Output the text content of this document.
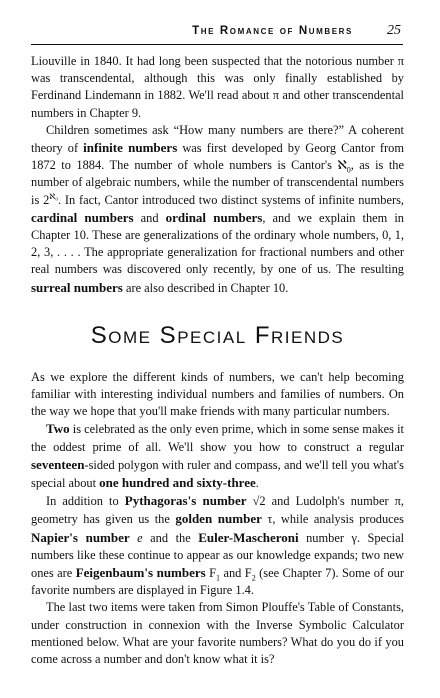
The Romance of Numbers 25

Liouville in 1840. It had long been suspected that the notorious number π was transcendental, although this was only finally established by Ferdinand Lindemann in 1882. We'll read about π and other transcendental numbers in Chapter 9.

Children sometimes ask “How many numbers are there?” A coherent theory of infinite numbers was first developed by Georg Cantor from 1872 to 1884. The number of whole numbers is Cantor's ℵ$_0$, as is the number of algebraic numbers, while the number of transcendental numbers is $2^{ℵ_0}$. In fact, Cantor introduced two distinct systems of infinite numbers, cardinal numbers and ordinal numbers, and we explain them in Chapter 10. These are generalizations of the ordinary whole numbers, 0, 1, 2, 3, . . . . The appropriate generalization for fractional numbers and other real numbers was discovered only recently, by one of us. The resulting surreal numbers are also described in Chapter 10.

Some Special Friends

As we explore the different kinds of numbers, we can't help becoming familiar with interesting individual numbers and families of numbers. On the way we hope that you'll make friends with many particular numbers.

Two is celebrated as the only even prime, which in some sense makes it the oddest prime of all. We'll show you how to construct a regular seventeen-sided polygon with ruler and compass, and we'll tell you what's special about one hundred and sixty-three.

In addition to Pythagoras's number √2 and Ludolph's number π, geometry has given us the golden number τ, while analysis produces Napier's number e and the Euler-Mascheroni number γ. Special numbers like these continue to appear as our knowledge expands; two new ones are Feigenbaum's numbers $F_1$ and $F_2$ (see Chapter 7). Some of our favorite numbers are displayed in Figure 1.4.

The last two items were taken from Simon Plouffe's Table of Constants, under construction in connexion with the Inverse Symbolic Calculator mentioned below. What are your favorite numbers? What do you do if you come across a number and don't know what it is?
